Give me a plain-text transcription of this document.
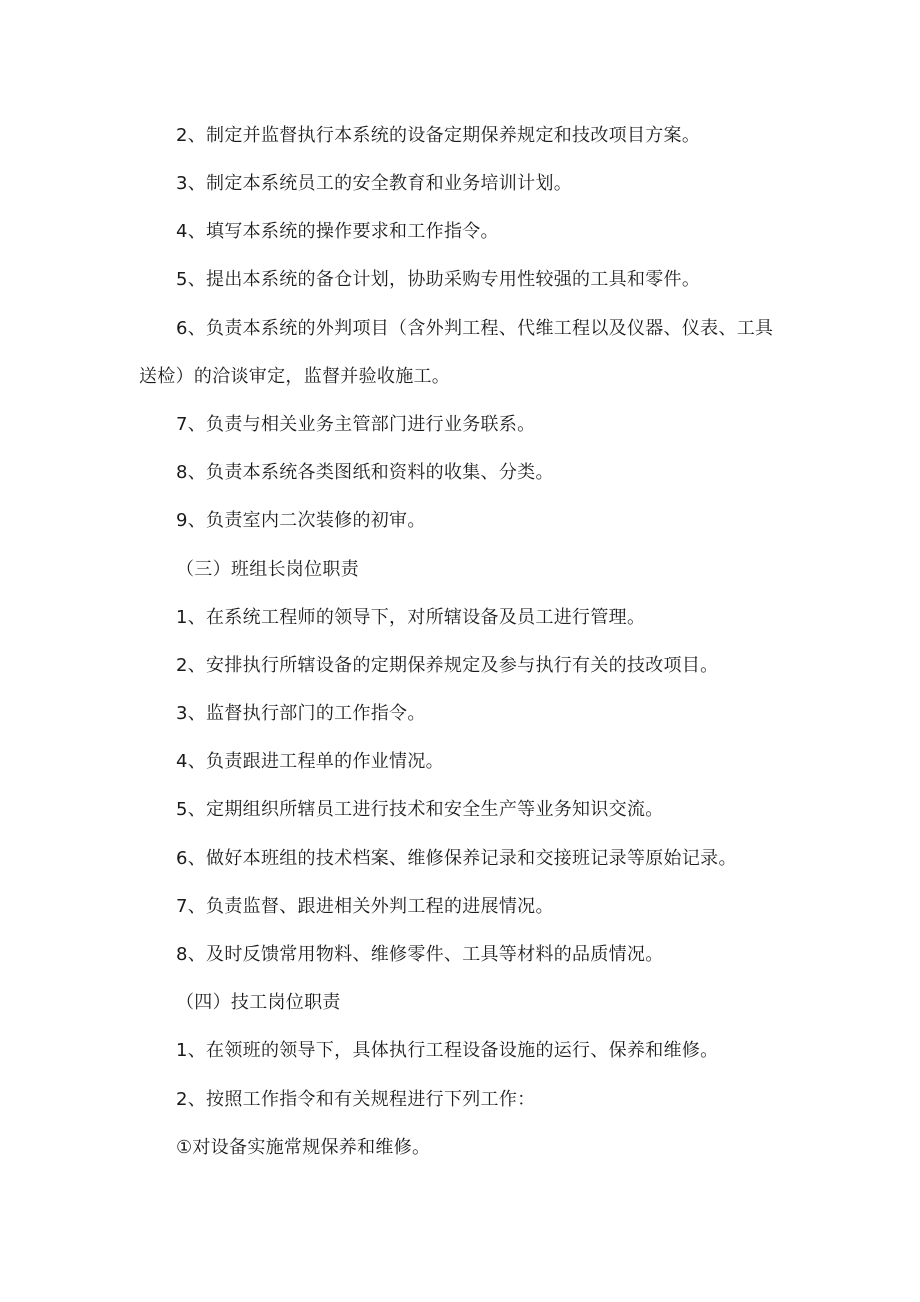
2、制定并监督执行本系统的设备定期保养规定和技改项目方案。
3、制定本系统员工的安全教育和业务培训计划。
4、填写本系统的操作要求和工作指令。
5、提出本系统的备仓计划，协助采购专用性较强的工具和零件。
6、负责本系统的外判项目（含外判工程、代维工程以及仪器、仪表、工具
送检）的洽谈审定，监督并验收施工。
7、负责与相关业务主管部门进行业务联系。
8、负责本系统各类图纸和资料的收集、分类。
9、负责室内二次装修的初审。
（三）班组长岗位职责
1、在系统工程师的领导下，对所辖设备及员工进行管理。
2、安排执行所辖设备的定期保养规定及参与执行有关的技改项目。
3、监督执行部门的工作指令。
4、负责跟进工程单的作业情况。
5、定期组织所辖员工进行技术和安全生产等业务知识交流。
6、做好本班组的技术档案、维修保养记录和交接班记录等原始记录。
7、负责监督、跟进相关外判工程的进展情况。
8、及时反馈常用物料、维修零件、工具等材料的品质情况。
（四）技工岗位职责
1、在领班的领导下，具体执行工程设备设施的运行、保养和维修。
2、按照工作指令和有关规程进行下列工作：
①对设备实施常规保养和维修。
